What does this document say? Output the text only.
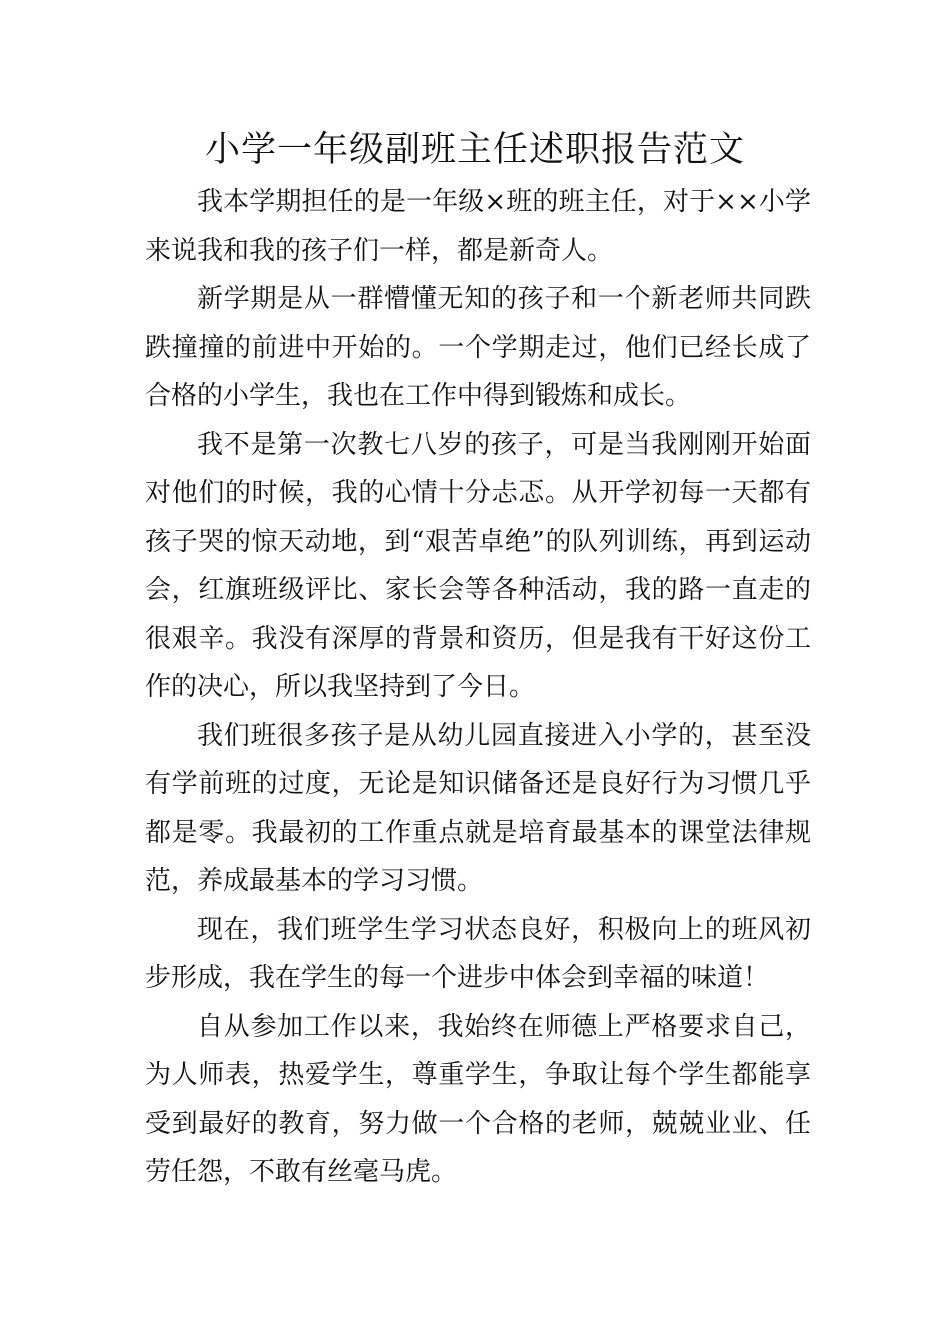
小学一年级副班主任述职报告范文

我本学期担任的是一年级×班的班主任，对于××小学来说我和我的孩子们一样，都是新奇人。

新学期是从一群懵懂无知的孩子和一个新老师共同跌跌撞撞的前进中开始的。一个学期走过，他们已经长成了合格的小学生，我也在工作中得到锻炼和成长。

我不是第一次教七八岁的孩子，可是当我刚刚开始面对他们的时候，我的心情十分忐忑。从开学初每一天都有孩子哭的惊天动地，到“艰苦卓绝”的队列训练，再到运动会，红旗班级评比、家长会等各种活动，我的路一直走的很艰辛。我没有深厚的背景和资历，但是我有干好这份工作的决心，所以我坚持到了今日。

我们班很多孩子是从幼儿园直接进入小学的，甚至没有学前班的过度，无论是知识储备还是良好行为习惯几乎都是零。我最初的工作重点就是培育最基本的课堂法律规范，养成最基本的学习习惯。

现在，我们班学生学习状态良好，积极向上的班风初步形成，我在学生的每一个进步中体会到幸福的味道！

自从参加工作以来，我始终在师德上严格要求自己，为人师表，热爱学生，尊重学生，争取让每个学生都能享受到最好的教育，努力做一个合格的老师，兢兢业业、任劳任怨，不敢有丝毫马虎。
